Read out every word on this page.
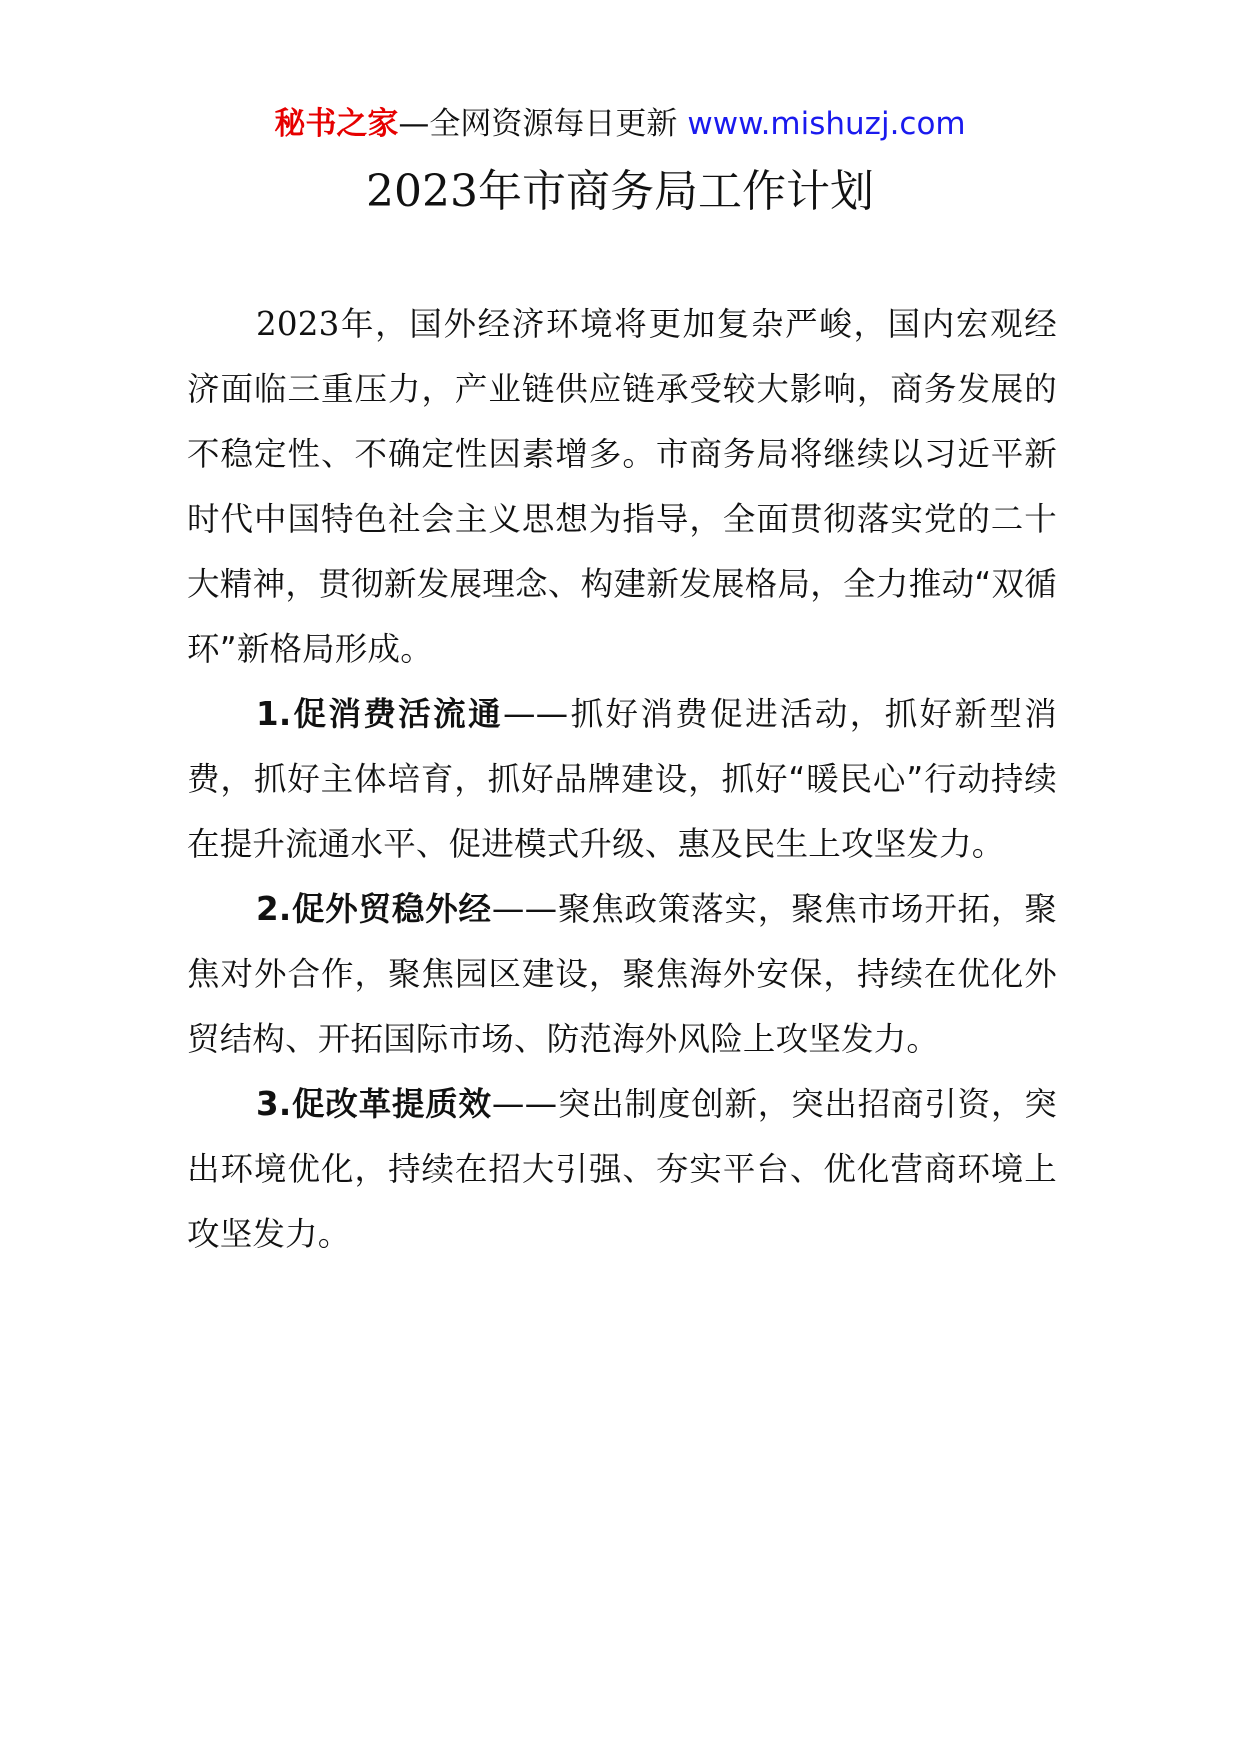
秘书之家—全网资源每日更新 www.mishuzj.com
2023年市商务局工作计划

2023年，国外经济环境将更加复杂严峻，国内宏观经济面临三重压力，产业链供应链承受较大影响，商务发展的不稳定性、不确定性因素增多。市商务局将继续以习近平新时代中国特色社会主义思想为指导，全面贯彻落实党的二十大精神，贯彻新发展理念、构建新发展格局，全力推动“双循环”新格局形成。

1.促消费活流通——抓好消费促进活动，抓好新型消费，抓好主体培育，抓好品牌建设，抓好“暖民心”行动持续在提升流通水平、促进模式升级、惠及民生上攻坚发力。

2.促外贸稳外经——聚焦政策落实，聚焦市场开拓，聚焦对外合作，聚焦园区建设，聚焦海外安保，持续在优化外贸结构、开拓国际市场、防范海外风险上攻坚发力。

3.促改革提质效——突出制度创新，突出招商引资，突出环境优化，持续在招大引强、夯实平台、优化营商环境上攻坚发力。
